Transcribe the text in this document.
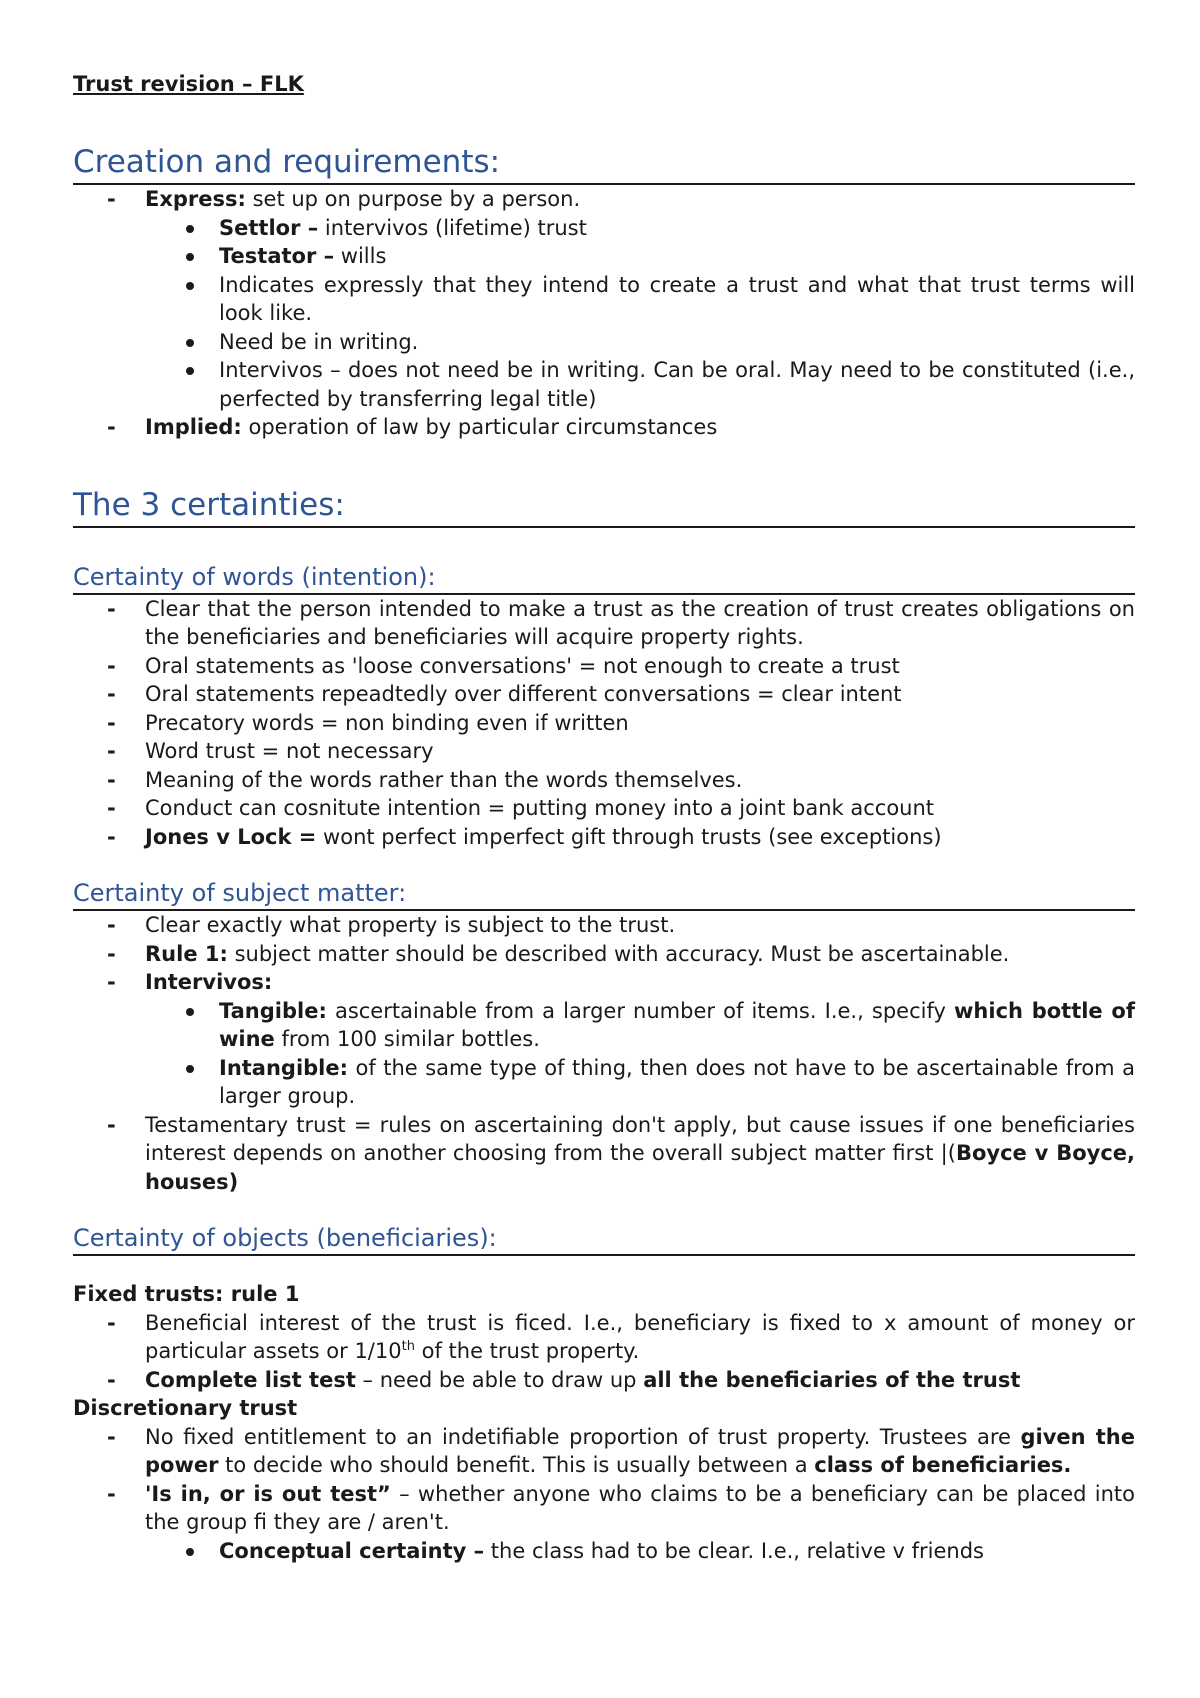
Trust revision – FLK

Creation and requirements:
- Express: set up on purpose by a person.
Settlor – intervivos (lifetime) trust
Testator – wills
Indicates expressly that they intend to create a trust and what that trust terms will look like.
Need be in writing.
Intervivos – does not need be in writing. Can be oral. May need to be constituted (i.e., perfected by transferring legal title)
- Implied: operation of law by particular circumstances
The 3 certainties:
Certainty of words (intention):
- Clear that the person intended to make a trust as the creation of trust creates obligations on the beneficiaries and beneficiaries will acquire property rights.
- Oral statements as 'loose conversations' = not enough to create a trust
- Oral statements repeadtedly over different conversations = clear intent
- Precatory words = non binding even if written
- Word trust = not necessary
- Meaning of the words rather than the words themselves.
- Conduct can cosnitute intention = putting money into a joint bank account
- Jones v Lock = wont perfect imperfect gift through trusts (see exceptions)
Certainty of subject matter:
- Clear exactly what property is subject to the trust.
- Rule 1: subject matter should be described with accuracy. Must be ascertainable.
- Intervivos:
Tangible: ascertainable from a larger number of items. I.e., specify which bottle of wine from 100 similar bottles.
Intangible: of the same type of thing, then does not have to be ascertainable from a larger group.
- Testamentary trust = rules on ascertaining don't apply, but cause issues if one beneficiaries interest depends on another choosing from the overall subject matter first |(Boyce v Boyce, houses)
Certainty of objects (beneficiaries):

Fixed trusts: rule 1

- Beneficial interest of the trust is ficed. I.e., beneficiary is fixed to x amount of money or particular assets or 1/10th of the trust property.
- Complete list test – need be able to draw up all the beneficiaries of the trust

Discretionary trust

- No fixed entitlement to an indetifiable proportion of trust property. Trustees are given the power to decide who should benefit. This is usually between a class of beneficiaries.
- 'Is in, or is out test” – whether anyone who claims to be a beneficiary can be placed into the group fi they are / aren't.
Conceptual certainty – the class had to be clear. I.e., relative v friends
